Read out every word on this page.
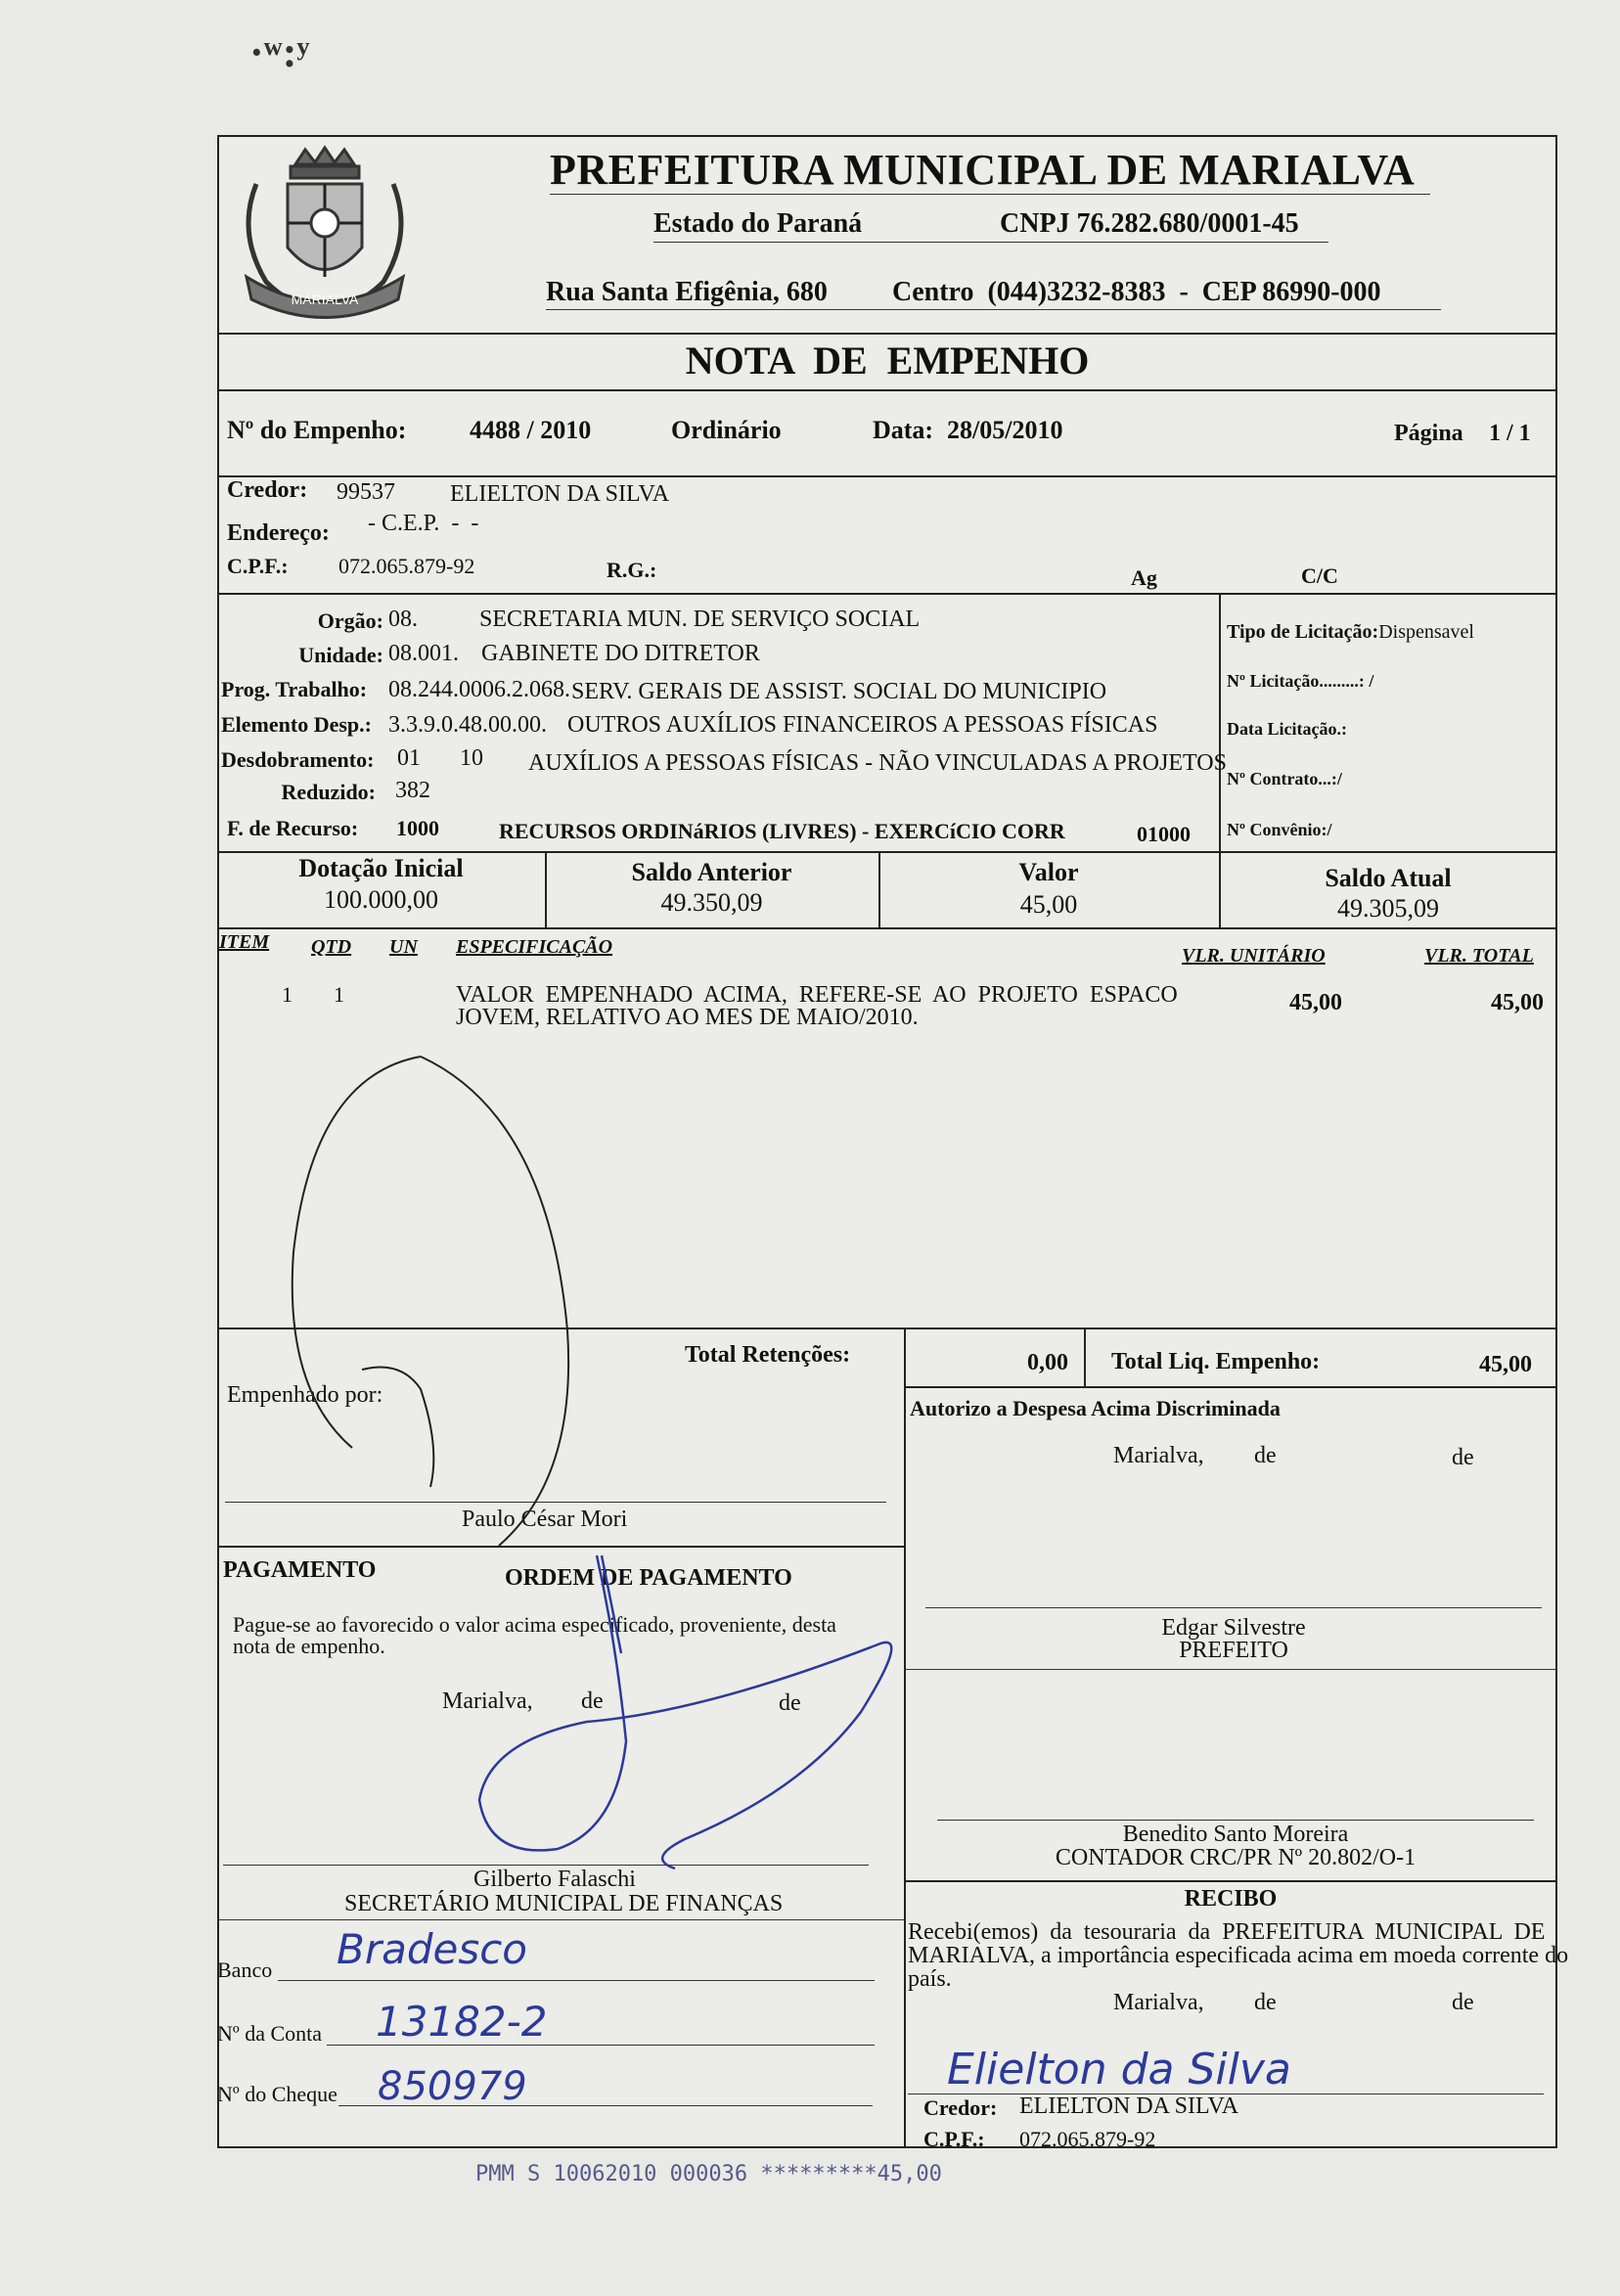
·ʷ:ʸ
MARIALVA
PREFEITURA MUNICIPAL DE MARIALVA
Estado do Paraná	CNPJ 76.282.680/0001-45
Rua Santa Efigênia, 680 Centro  (044)3232-8383  -  CEP 86990-000
NOTA  DE  EMPENHO
Nº do Empenho: 4488 / 2010	Ordinário	Data: 28/05/2010	Página 1 / 1
Credor: 99537 ELIELTON DA SILVA
Endereço: - C.E.P.  -  -
C.P.F.: 072.065.879-92	R.G.:	Ag	C/C
Orgão: 08.	SECRETARIA MUN. DE SERVIÇO SOCIAL
Unidade: 08.001. GABINETE DO DITRETOR
Prog. Trabalho: 08.244.0006.2.068. SERV. GERAIS DE ASSIST. SOCIAL DO MUNICIPIO
Elemento Desp.: 3.3.9.0.48.00.00. OUTROS AUXÍLIOS FINANCEIROS A PESSOAS FÍSICAS
Desdobramento: 01 10 AUXÍLIOS A PESSOAS FÍSICAS - NÃO VINCULADAS A PROJETOS
Reduzido: 382
F. de Recurso: 1000	RECURSOS ORDINáRIOS (LIVRES) - EXERCíCIO CORR	01000
Tipo de Licitação:Dispensavel
Nº Licitação.........: /
Data Licitação.:
Nº Contrato...:/
Nº Convênio:/
Dotação Inicial
100.000,00
Saldo Anterior
49.350,09
Valor
45,00
Saldo Atual
49.305,09
ITEM QTD UN ESPECIFICAÇÃO	VLR. UNITÁRIO	VLR. TOTAL
1 1	VALOR  EMPENHADO  ACIMA,  REFERE-SE  AO  PROJETO  ESPACO
JOVEM, RELATIVO AO MES DE MAIO/2010.
45,00	45,00
Total Retenções:	0,00 Total Liq. Empenho:	45,00
Empenhado por:
Paulo César Mori
Autorizo a Despesa Acima Discriminada
Marialva, de	de
Edgar Silvestre
PREFEITO
Benedito Santo Moreira
CONTADOR CRC/PR Nº 20.802/O-1
RECIBO
Recebi(emos)  da  tesouraria  da  PREFEITURA  MUNICIPAL  DE
MARIALVA, a importância especificada acima em moeda corrente do
país.
Marialva, de	de
Elielton da Silva
Credor: ELIELTON DA SILVA
C.P.F.: 072.065.879-92
PAGAMENTO	ORDEM DE PAGAMENTO
Pague-se ao favorecido o valor acima especificado, proveniente, desta
nota de empenho.
Marialva, de	de
Gilberto Falaschi
SECRETÁRIO MUNICIPAL DE FINANÇAS
Banco Bradesco
Nº da Conta 13182-2
Nº do Cheque 850979
PMM S 10062010 000036 *********45,00
